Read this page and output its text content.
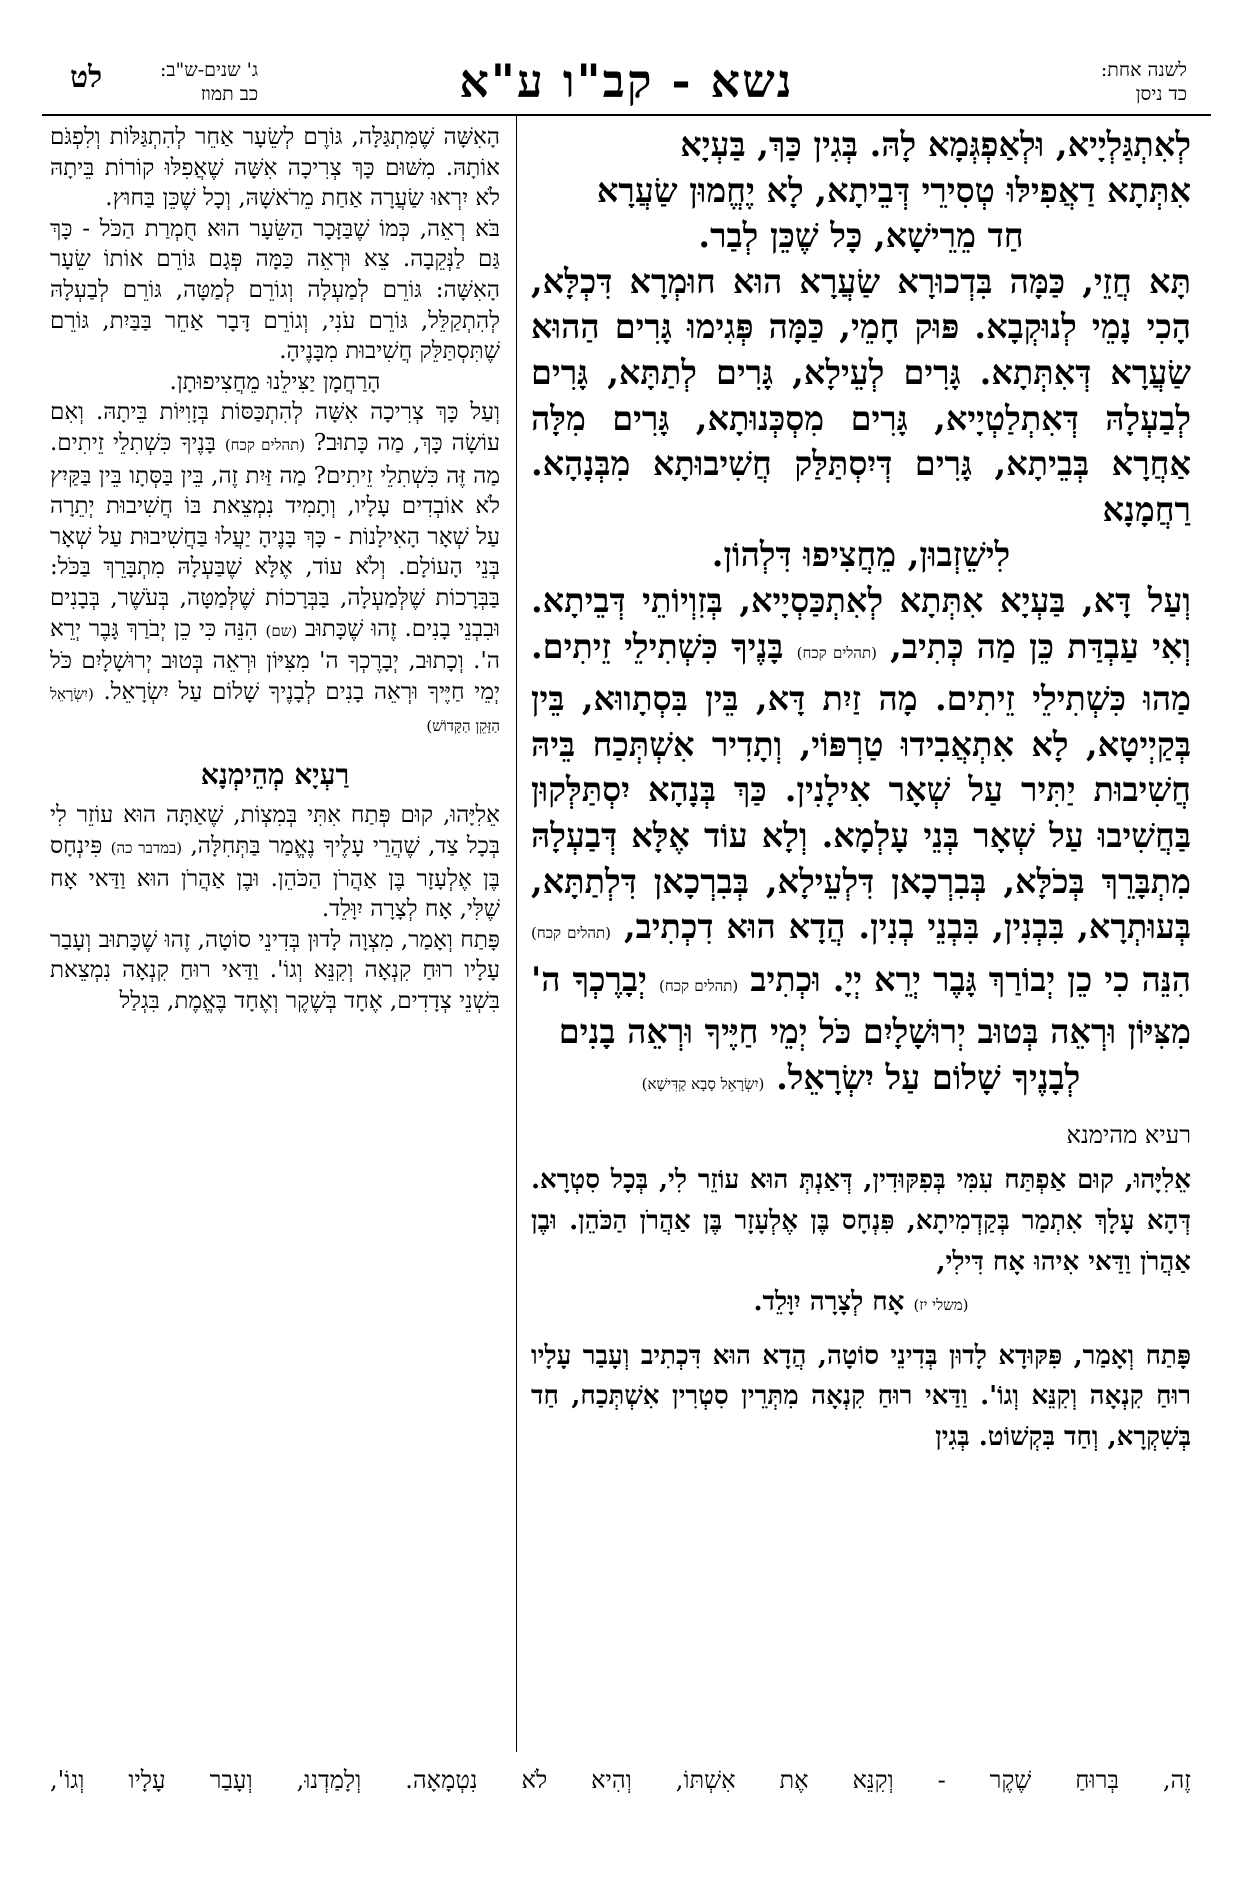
לשנה אחת:
כד ניסן
נשא - קב"ו ע"א
ג' שנים-ש"ב:
כב תמוז
לט

לְאִתְגַּלְיָיא, וּלְאַפְגְּמָא לָהּ. בְּגִין כַּךְ, בַּעְיָא

אִתְּתָא דַאֲפִילּוּ טְסִירֵי דְּבֵיתָא, לָא יֶחֱמוּן שַׂעֲרָא

חַד מֵרֵישָׁא, כָּל שֶׁכֵּן לְבַר.

תָּא חֲזֵי, כַּמָּה בִּדְכוּרָא שַׂעֲרָא הוּא חוּמְרָא דִּכְלָּא, הָכִי נָמֵי לְנוּקְבָא. פּוּק חָמֵי, כַּמָּה פְּגִימוּ גָּרִים הַהוּא שַׂעֲרָא דְּאִתְּתָא. גָּרִים לְעֵילָא, גָּרִים לְתַתָּא, גָּרִים לְבַעְלָהּ דְּאִתְלַטְיָיא, גָּרִים מִסְכְּנוּתָא, גָּרִים מִלָּה אַחֲרָא בְּבֵיתָא, גָּרִים דְּיִסְתַּלַּק חֲשִׁיבוּתָא מִבְּנָהָא. רַחֲמָנָא

לִישֵׁזְבוּן, מֵחֲצִיפוּ דִּלְהוֹן.

וְעַל דָּא, בַּעְיָא אִתְּתָא לְאִתְכַּסְיָיא, בְּזִוְיוֹתֵי דְּבֵיתָא. וְאִי עַבְדַּת כֵּן מַה כְּתִיב, (תהלים קכח) בָּנֶיךָ כִּשְׁתִילֵי זֵיתִים. מַהוּ כִּשְׁתִילֵי זֵיתִים. מָה זַיִת דָּא, בֵּין בִּסְתָווּא, בֵּין בְּקַיְיטָא, לָא אִתְאֲבִידוּ טַרְפּוֹי, וְתָדִיר אִשְׁתְּכַח בֵּיהּ חֲשִׁיבוּת יַתִּיר עַל שְׁאָר אִילָנִין. כַּךְ בְּנָהָא יִסְתַּלְּקוּן בַּחֲשִׁיבוּ עַל שְׁאָר בְּנֵי עָלְמָא. וְלָא עוֹד אֶלָּא דְּבַעְלָהּ מִתְבָּרֵךְ בְּכֹלָּא, בְּבִרְכָאן דִּלְעֵילָא, בְּבִרְכָאן דִּלְתַתָּא, בְּעוּתְרָא, בִּבְנִין, בִּבְנֵי בְנִין. הֲדָא הוּא דִכְתִיב, (תהלים קכח) הִנֵּה כִי כֵן יְבוֹרַךְ גָּבֶר יְרֵא יְיָ. וּכְתִיב (תהלים קכח) יְבָרֶכְךָ ה' מִצִּיּוֹן וּרְאֵה בְּטוּב יְרוּשָׁלָיִם כֹּל יְמֵי חַיֶּיךָ וּרְאֵה בָנִים

לְבָנֶיךָ שָׁלוֹם עַל יִשְׂרָאֵל. (יִשְׂרָאֵל סָבָא קַדִּישָׁא)

רעיא מהימנא

אֵלִיָּהוּ, קוּם אַפְתַּח עִמִּי בְּפִקּוּדִין, דְּאַנְתְּ הוּא עוֹזֵר לִי, בְּכָל סִטְרָא. דְּהָא עָלָךְ אִתְמַר בְּקַדְמִיתָא, פִּנְחָס בֶּן אֶלְעָזָר בֶּן אַהֲרֹן הַכֹּהֵן. וּבֶן אַהֲרֹן וַדַּאי אִיהוּ אָח דִּילִי,

(משלי יז) אָח לְצָרָה יִוָּלֵד.

פָּתַח וְאָמַר, פִּקּוּדָא לָדוּן בְּדִינֵי סוֹטָה, הֲדָא הוּא דִּכְתִיב וְעָבַר עָלָיו רוּחַ קִנְאָה וְקִנֵּא וְגוֹ'. וַדַּאי רוּחַ קִנְאָה מִתְּרֵין סִטְרִין אִשְׁתְּכַח, חַד בְּשִׁקְרָא, וְחַד בִּקְשׁוֹט. בְּגִין

הָאִשָּׁה שֶׁמִּתְגַּלָּה, גּוֹרֶם לְשֵׂעָר אַחֵר לְהִתְגַּלּוֹת וְלִפְגֹּם אוֹתָהּ. מִשּׁוּם כָּךְ צְרִיכָה אִשָּׁה שֶׁאֲפִלּוּ קוֹרוֹת בֵּיתָהּ לֹא יִרְאוּ שַׂעֲרָה אַחַת מֵרֹאשָׁהּ, וְכָל שֶׁכֵּן בַּחוּץ.

בֹּא רְאֵה, כְּמוֹ שֶׁבַּזָּכָר הַשֵּׂעָר הוּא חֻמְרַת הַכֹּל - כָּךְ גַּם לַנְּקֵבָה. צֵא וּרְאֵה כַּמָּה פְּגָם גּוֹרֵם אוֹתוֹ שֵׂעָר הָאִשָּׁה: גּוֹרֵם לְמַעְלָה וְגוֹרֵם לְמַטָּה, גּוֹרֵם לְבַעְלָהּ לְהִתְקַלֵּל, גּוֹרֵם עֹנִי, וְגוֹרֵם דָּבָר אַחֵר בַּבַּיִת, גּוֹרֵם שֶׁתִּסְתַּלֵּק חֲשִׁיבוּת מִבָּנֶיהָ.

הָרַחֲמָן יַצִּילֵנוּ מֵחֲצִיפוּתָן.

וְעַל כָּךְ צְרִיכָה אִשָּׁה לְהִתְכַּסּוֹת בְּזָוִיּוֹת בֵּיתָהּ. וְאִם עוֹשָׂה כָּךְ, מַה כָּתוּב? (תהלים קכח) בָּנֶיךָ כִּשְׁתִלֵי זֵיתִים. מַה זֶּה כִּשְׁתִלֵי זֵיתִים? מַה זַּיִת זֶה, בֵּין בַּסְּתָו בֵּין בַּקַּיִץ לֹא אוֹבְדִים עָלָיו, וְתָמִיד נִמְצֵאת בּוֹ חֲשִׁיבוּת יְתֵרָה עַל שְׁאָר הָאִילָנוֹת - כָּךְ בָּנֶיהָ יַעֲלוּ בַּחֲשִׁיבוּת עַל שְׁאָר בְּנֵי הָעוֹלָם. וְלֹא עוֹד, אֶלָּא שֶׁבַּעְלָהּ מִתְבָּרֵךְ בַּכֹּל: בַּבְּרָכוֹת שֶׁלְּמַעְלָה, בַּבְּרָכוֹת שֶׁלְּמַטָּה, בְּעֹשֶׁר, בְּבָנִים וּבִבְנֵי בָנִים. זֶהוּ שֶׁכָּתוּב (שם) הִנֵּה כִּי כֵן יְבֹרַךְ גָּבֶר יְרֵא ה'. וְכָתוּב, יְבָרֶכְךָ ה' מִצִּיּוֹן וּרְאֵה בְּטוּב יְרוּשָׁלָיִם כֹּל יְמֵי חַיֶּיךָ וּרְאֵה בָנִים לְבָנֶיךָ שָׁלוֹם עַל יִשְׂרָאֵל. (יִשְׂרָאֵל הַזָּקֵן הַקָּדוֹשׁ)

רַעְיָא מְהֵימְנָא

אֵלִיָּהוּ, קוּם פְּתַח אִתִּי בְּמִצְוֹת, שֶׁאַתָּה הוּא עוֹזֵר לִי בְּכָל צַד, שֶׁהֲרֵי עָלֶיךָ נֶאֱמַר בַּתְּחִלָּה, (במדבר כה) פִּינְחָס בֶּן אֶלְעָזָר בֶּן אַהֲרֹן הַכֹּהֵן. וּבֶן אַהֲרֹן הוּא וַדַּאי אָח שֶׁלִּי, אָח לְצָרָה יִוָּלֵד.

פָּתַח וְאָמַר, מִצְוָה לָדוּן בְּדִינֵי סוֹטָה, זֶהוּ שֶׁכָּתוּב וְעָבַר עָלָיו רוּחַ קִנְאָה וְקִנֵּא וְגוֹ'. וַדַּאי רוּחַ קִנְאָה נִמְצֵאת בִּשְׁנֵי צְדָדִים, אֶחָד בְּשֶׁקֶר וְאֶחָד בֶּאֱמֶת, בִּגְלַל

זֶה, בְּרוּחַ שֶׁקֶר - וְקִנֵּא אֶת אִשְׁתּוֹ, וְהִיא לֹא נִטְמָאָה. וְלָמַדְנוּ, וְעָבַר עָלָיו וְגוֹ',
